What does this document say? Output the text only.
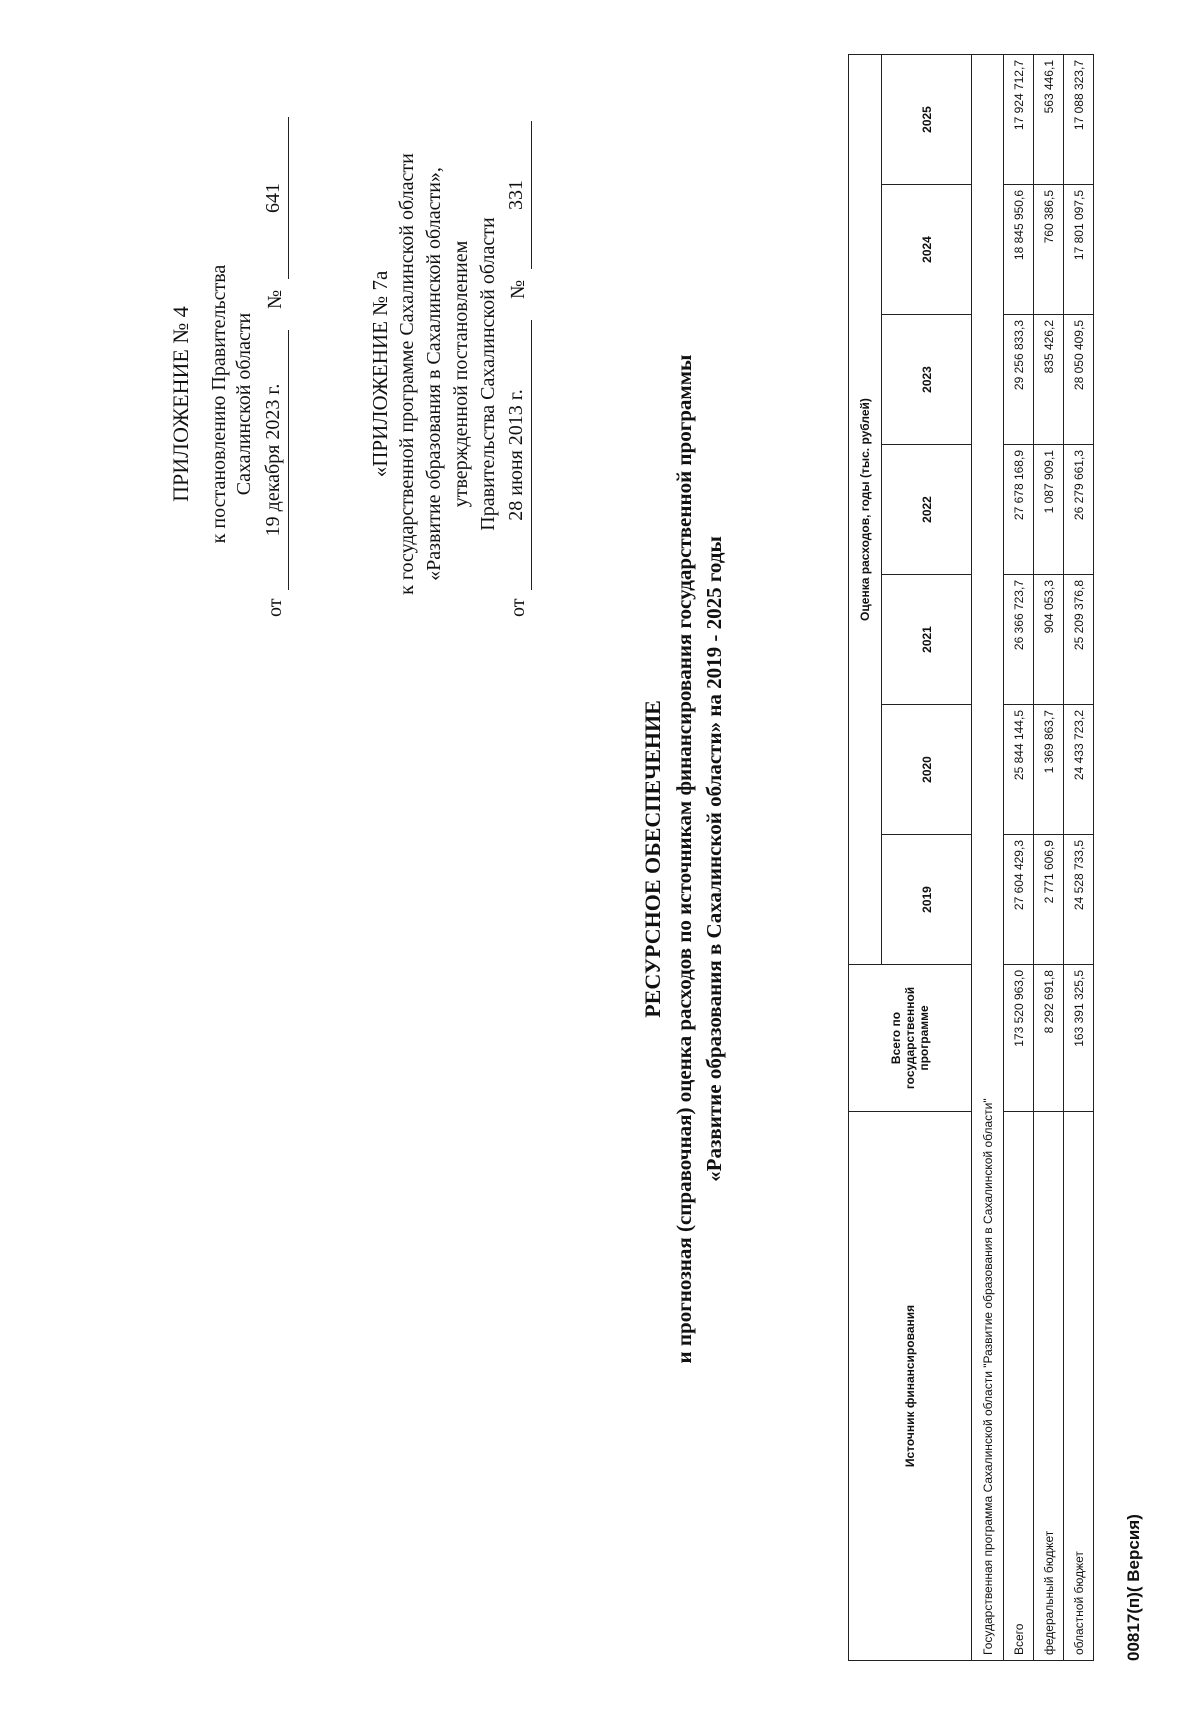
ПРИЛОЖЕНИЕ № 4 к постановлению Правительства Сахалинской области
от
19 декабря 2023 г.
№
641
«ПРИЛОЖЕНИЕ № 7а к государственной программе Сахалинской области «Развитие образования в Сахалинской области», утвержденной постановлением Правительства Сахалинской области
от
28 июня 2013 г.
№
331
РЕСУРСНОЕ ОБЕСПЕЧЕНИЕ и прогнозная (справочная) оценка расходов по источникам финансирования государственной программы «Развитие образования в Сахалинской области» на 2019 - 2025 годы
Источник финансирования	Всего по государственной программе	Оценка расходов, годы (тыс. рублей)						
		2019	2020	2021	2022	2023	2024	2025
Государственная программа Сахалинской области "Развитие образования в Сахалинской области"								
Всего	173 520 963,0	27 604 429,3	25 844 144,5	26 366 723,7	27 678 168,9	29 256 833,3	18 845 950,6	17 924 712,7
федеральный бюджет	8 292 691,8	2 771 606,9	1 369 863,7	904 053,3	1 087 909,1	835 426,2	760 386,5	563 446,1
областной бюджет	163 391 325,5	24 528 733,5	24 433 723,2	25 209 376,8	26 279 661,3	28 050 409,5	17 801 097,5	17 088 323,7
00817(п)( Версия)
